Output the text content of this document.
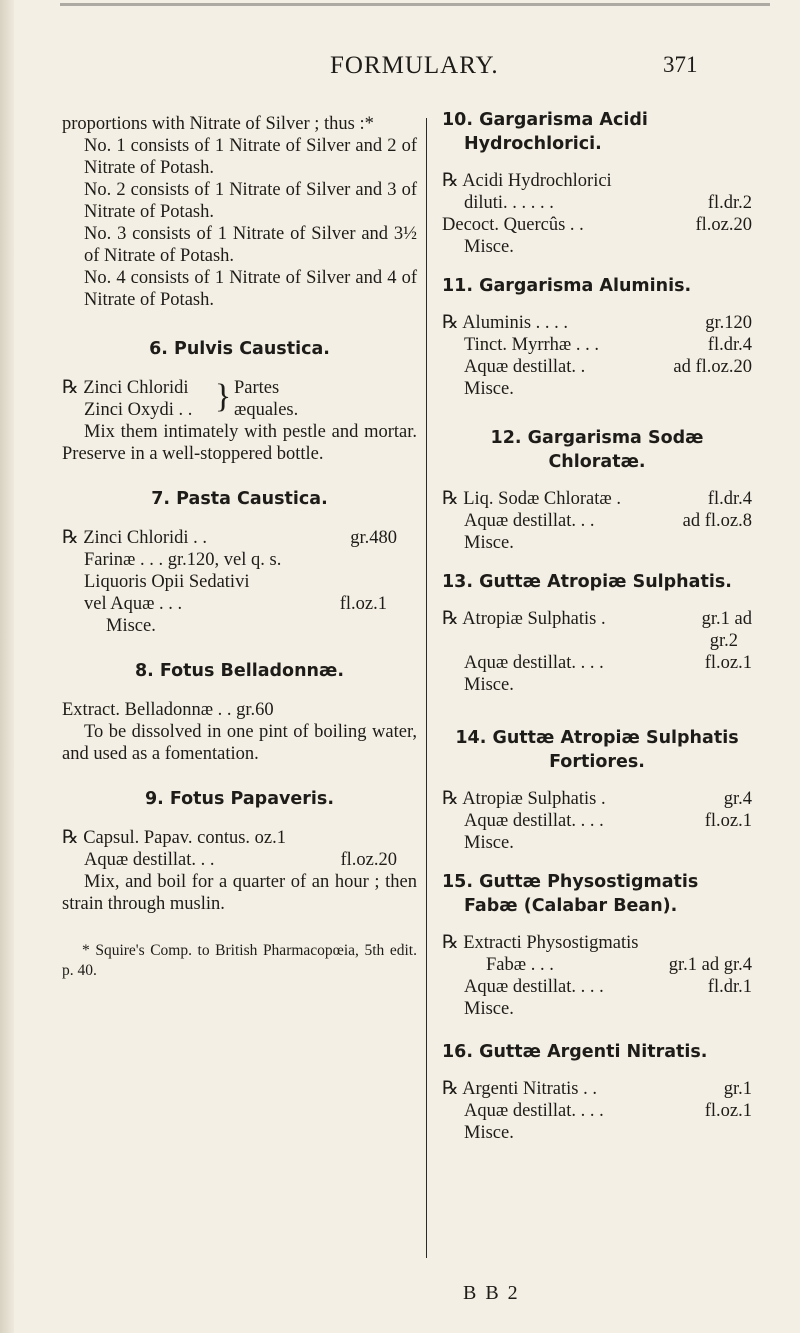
FORMULARY.	371

proportions with Nitrate of Silver ; thus :*

No. 1 consists of 1 Nitrate of Silver and 2 of Nitrate of Potash.

No. 2 consists of 1 Nitrate of Silver and 3 of Nitrate of Potash.

No. 3 consists of 1 Nitrate of Silver and 3½ of Nitrate of Potash.

No. 4 consists of 1 Nitrate of Silver and 4 of Nitrate of Potash.

6. Pulvis Caustica.

℞ Zinci Chloridi

Zinci Oxydi . . } Partes

æquales.

Mix them intimately with pestle and mortar. Preserve in a well-stoppered bottle.

7. Pasta Caustica.

℞ Zinci Chloridi . .	gr.480

Farinæ . . . gr.120, vel q. s.

Liquoris Opii Sedativi

vel Aquæ . . .	fl.oz.1

Misce.

8. Fotus Belladonnæ.

Extract. Belladonnæ . . gr.60

To be dissolved in one pint of boiling water, and used as a fomentation.

9. Fotus Papaveris.

℞ Capsul. Papav. contus. oz.1

Aquæ destillat. . .	fl.oz.20

Mix, and boil for a quarter of an hour ; then strain through muslin.

* Squire's Comp. to British Pharmacopœia, 5th edit. p. 40.

10. Gargarisma Acidi Hydrochlorici.

℞ Acidi Hydrochlorici

diluti. . . . . .	fl.dr.2

Decoct. Quercûs . .	fl.oz.20

Misce.

11. Gargarisma Aluminis.

℞ Aluminis . . . .	gr.120

Tinct. Myrrhæ . . .	fl.dr.4

Aquæ destillat. .	ad fl.oz.20

Misce.

12. Gargarisma Sodæ Chloratæ.

℞ Liq. Sodæ Chloratæ .	fl.dr.4

Aquæ destillat. . .	ad fl.oz.8

Misce.

13. Guttæ Atropiæ Sulphatis.

℞ Atropiæ Sulphatis .	gr.1 ad

gr.2

Aquæ destillat. . . .	fl.oz.1

Misce.

14. Guttæ Atropiæ Sulphatis Fortiores.

℞ Atropiæ Sulphatis .	gr.4

Aquæ destillat. . . .	fl.oz.1

Misce.

15. Guttæ Physostigmatis Fabæ (Calabar Bean).

℞ Extracti Physostigmatis

Fabæ . . .	gr.1 ad gr.4

Aquæ destillat. . . .	fl.dr.1

Misce.

16. Guttæ Argenti Nitratis.

℞ Argenti Nitratis . .	gr.1

Aquæ destillat. . . .	fl.oz.1

Misce.

B B 2
